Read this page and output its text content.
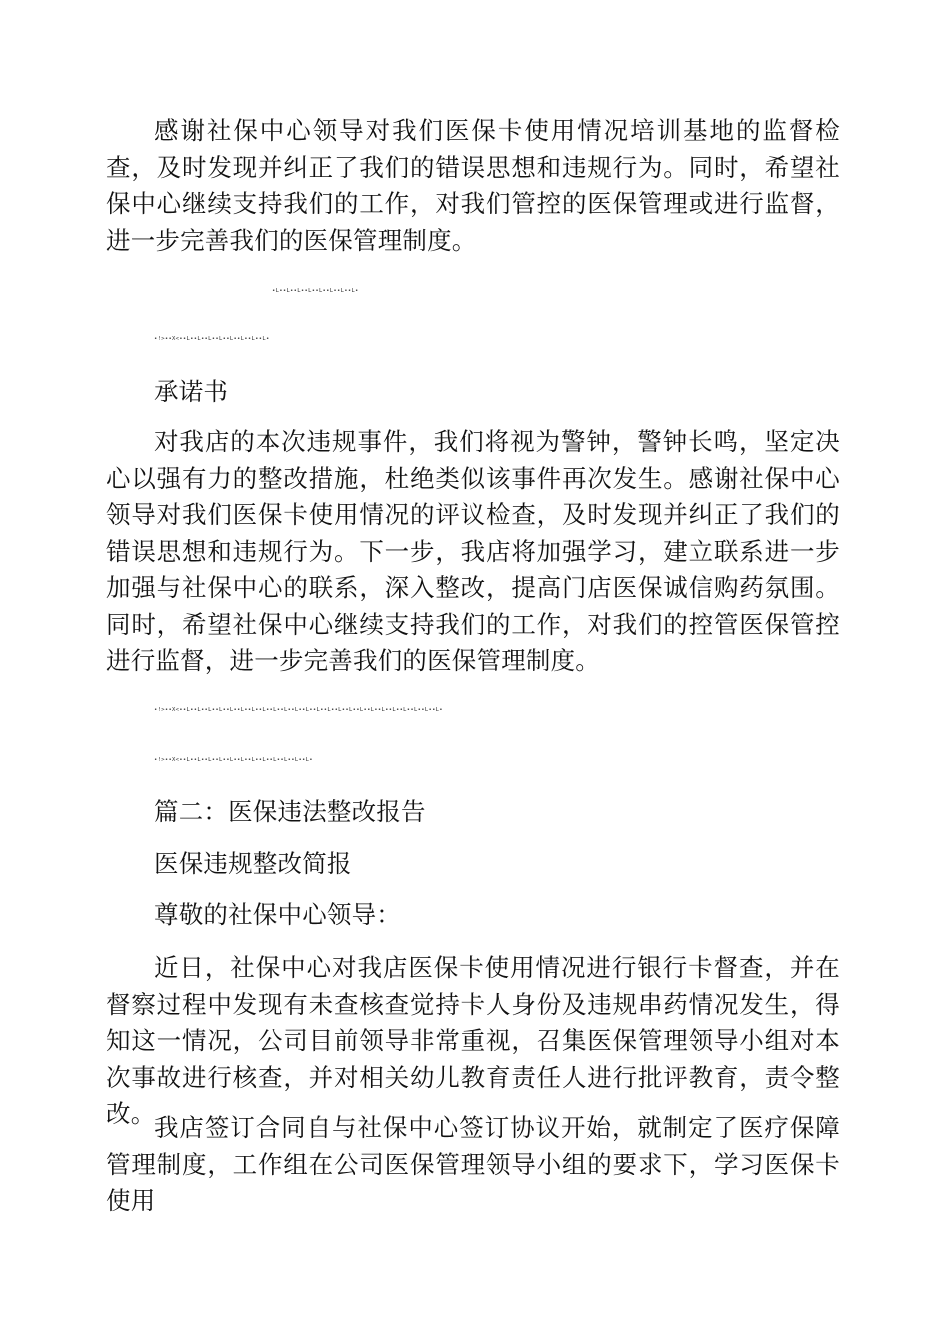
感谢社保中心领导对我们医保卡使用情况培训基地的监督检查，及时发现并纠正了我们的错误思想和违规行为。同时，希望社保中心继续支持我们的工作，对我们管控的医保管理或进行监督，进一步完善我们的医保管理制度。

•L••L••L••L••L••L••L••L•
•!>••X<••L••L••L••L••L••L••L••L•

承诺书

对我店的本次违规事件，我们将视为警钟，警钟长鸣，坚定决心以强有力的整改措施，杜绝类似该事件再次发生。感谢社保中心领导对我们医保卡使用情况的评议检查，及时发现并纠正了我们的错误思想和违规行为。下一步，我店将加强学习，建立联系进一步加强与社保中心的联系，深入整改，提高门店医保诚信购药氛围。同时，希望社保中心继续支持我们的工作，对我们的控管医保管控进行监督，进一步完善我们的医保管理制度。

•!>••X<••L••L••L••L••L••L••L••L••L••L••L••L••L••L••L••L••L••L••L••L••L••L••L••L•
•!>••X<••L••L••L••L••L••L••L••L••L••L••L••L•

篇二：医保违法整改报告

医保违规整改简报

尊敬的社保中心领导：

近日，社保中心对我店医保卡使用情况进行银行卡督查，并在督察过程中发现有未查核查觉持卡人身份及违规串药情况发生，得知这一情况，公司目前领导非常重视，召集医保管理领导小组对本次事故进行核查，并对相关幼儿教育责任人进行批评教育，责令整改。

我店签订合同自与社保中心签订协议开始，就制定了医疗保障管理制度，工作组在公司医保管理领导小组的要求下，学习医保卡使用
